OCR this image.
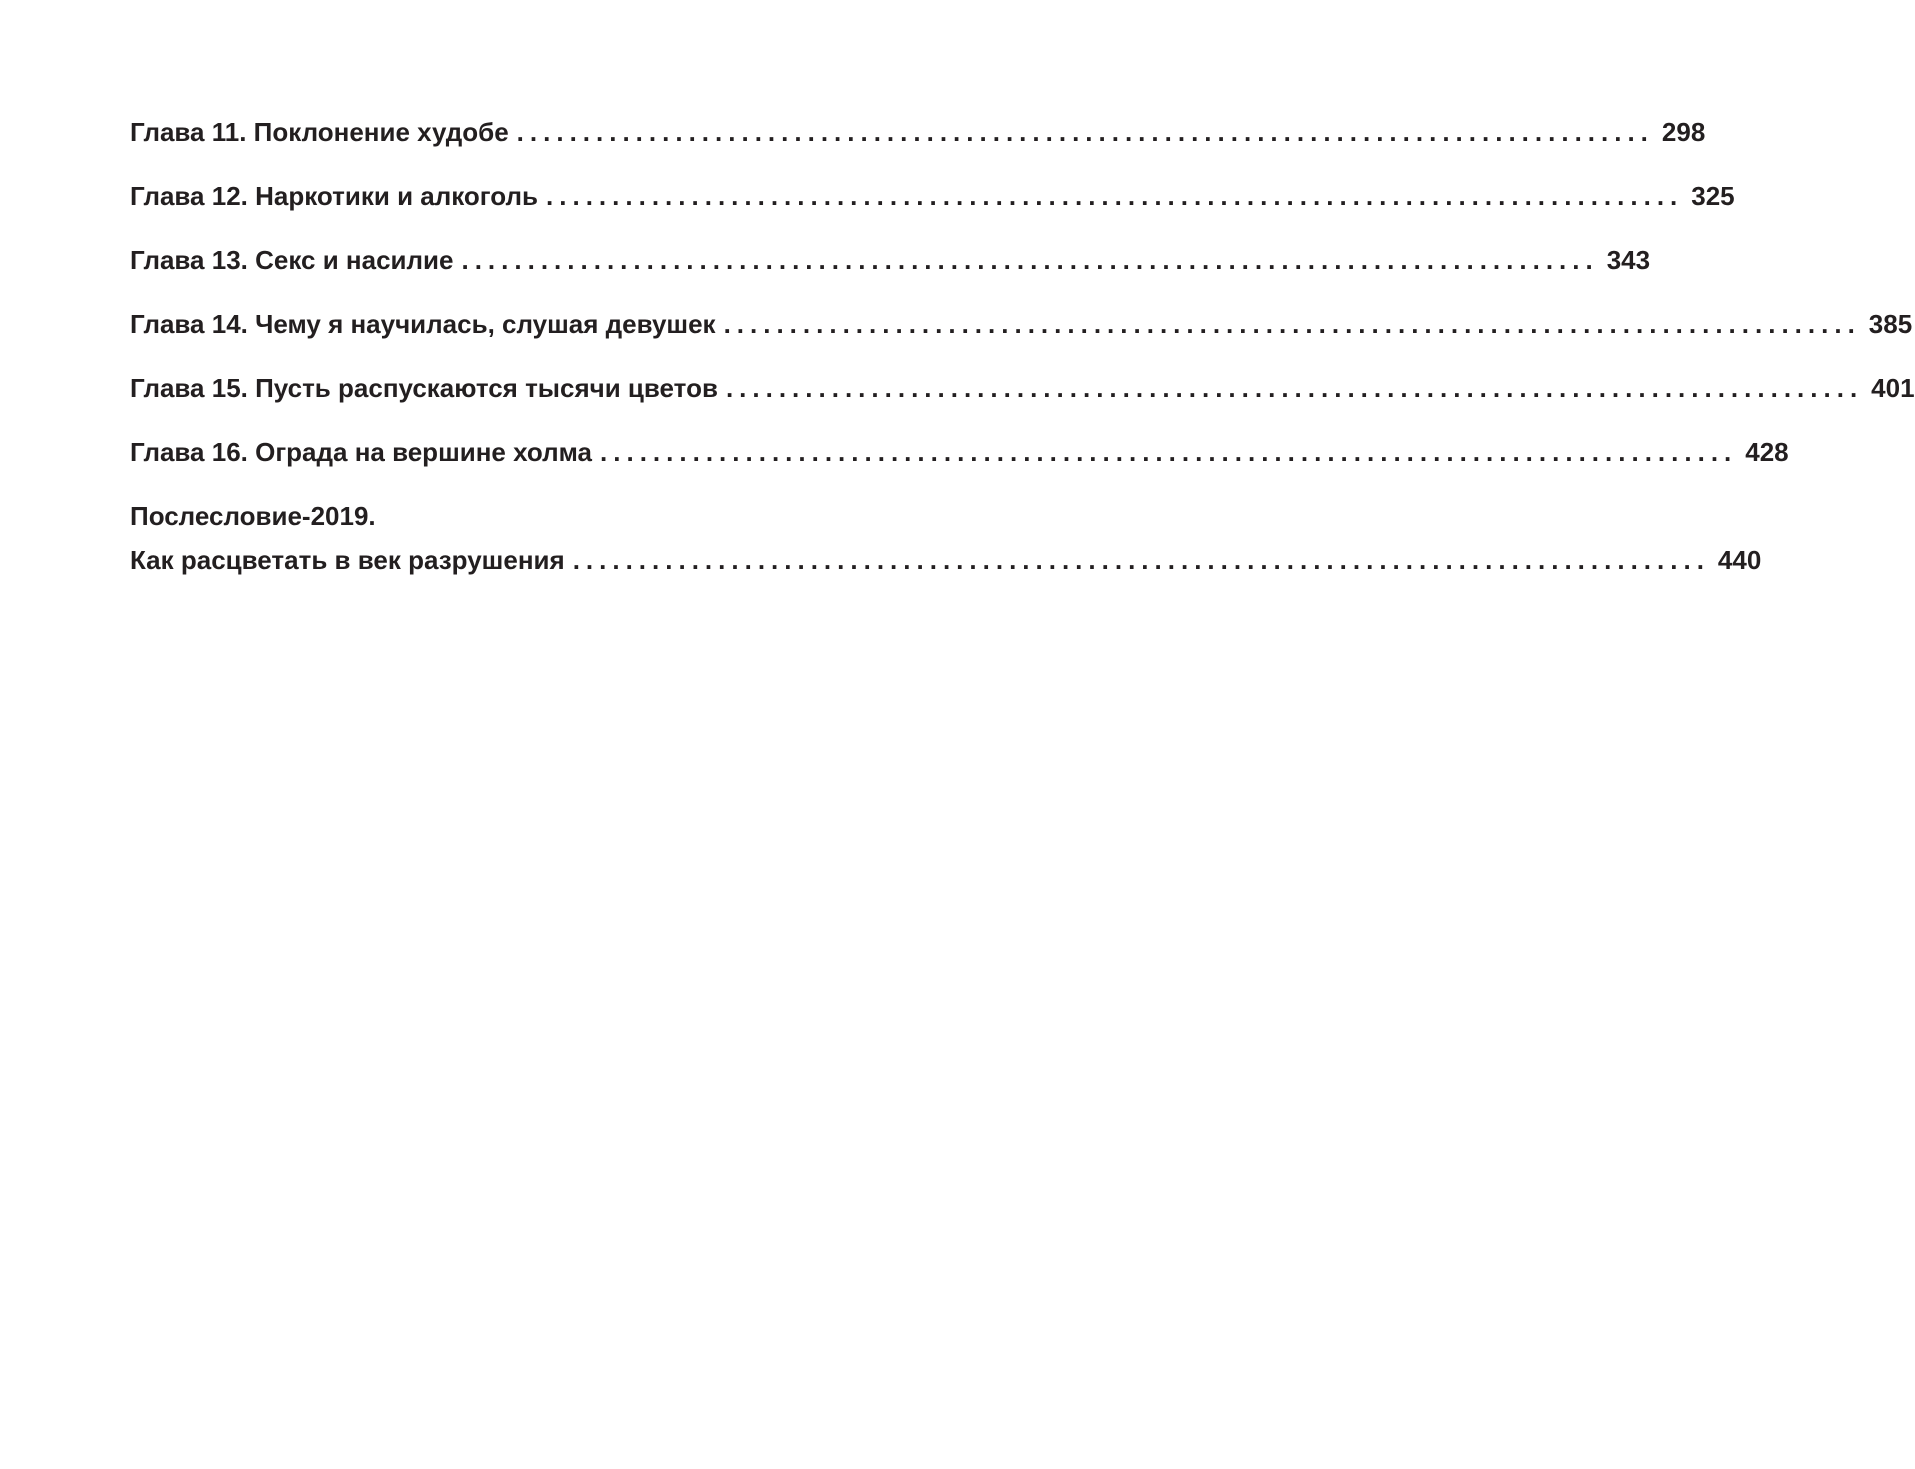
Глава 11. Поклонение худобе ...................................................................................... 298
Глава 12. Наркотики и алкоголь ...................................................................................... 325
Глава 13. Секс и насилие ...................................................................................... 343
Глава 14. Чему я научилась, слушая девушек ...................................................................................... 385
Глава 15. Пусть распускаются тысячи цветов ...................................................................................... 401
Глава 16. Ограда на вершине холма ...................................................................................... 428
Послесловие-2019.
Как расцветать в век разрушения ...................................................................................... 440
